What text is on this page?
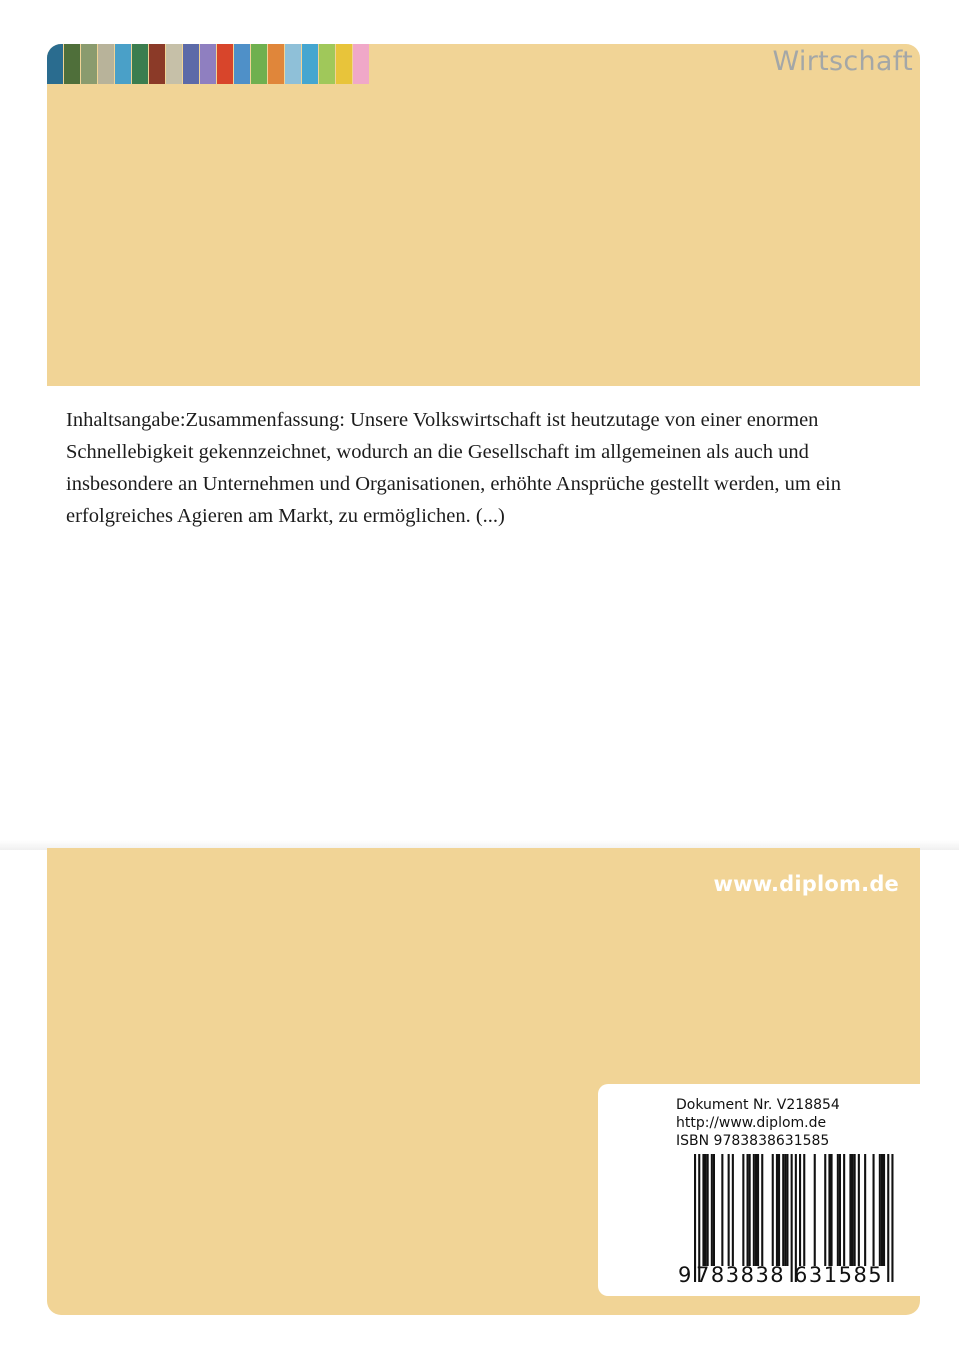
Wirtschaft

Inhaltsangabe:Zusammenfassung: Unsere Volkswirtschaft ist heutzutage von einer enormen Schnellebigkeit gekennzeichnet, wodurch an die Gesellschaft im allgemeinen als auch und insbesondere an Unternehmen und Organisationen, erhöhte Ansprüche gestellt werden, um ein erfolgreiches Agieren am Markt, zu ermöglichen. (...)

www.diplom.de
Dokument Nr. V218854
http://www.diplom.de
ISBN 9783838631585
9 783838 631585
